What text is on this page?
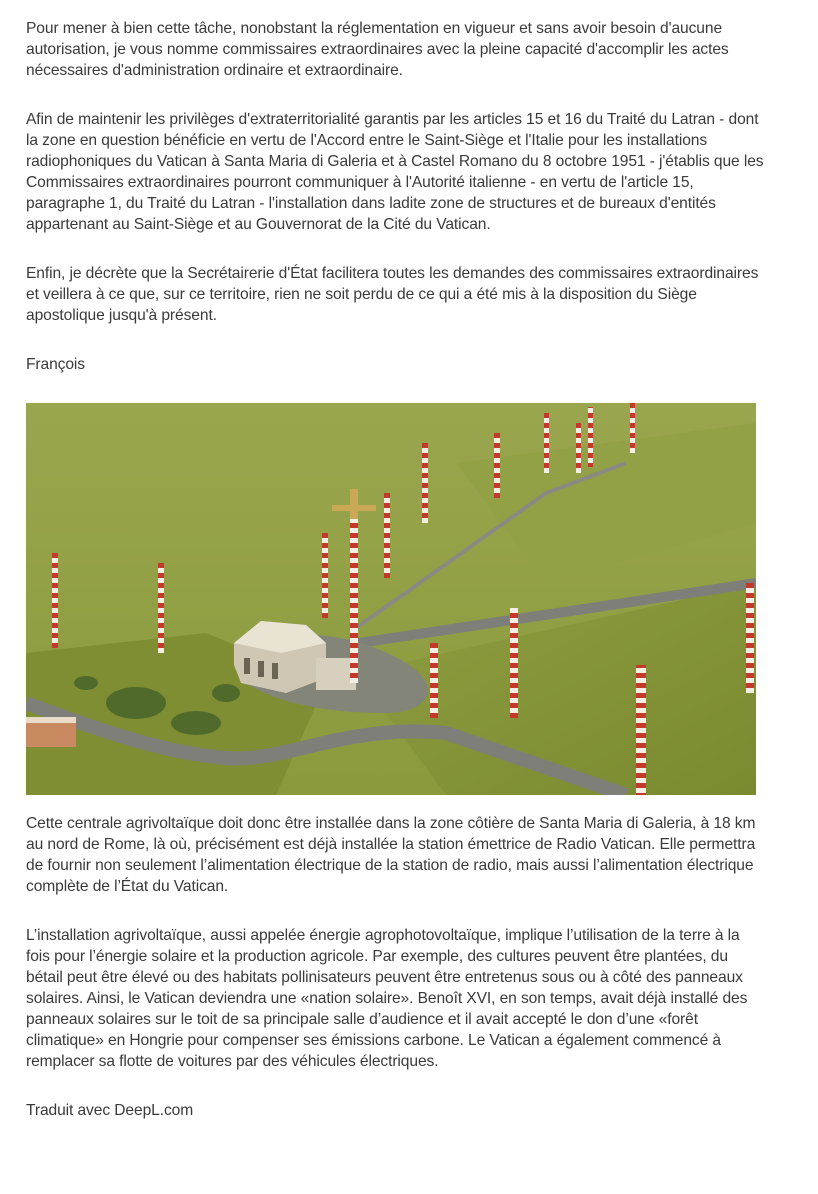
Pour mener à bien cette tâche, nonobstant la réglementation en vigueur et sans avoir besoin d'aucune autorisation, je vous nomme commissaires extraordinaires avec la pleine capacité d'accomplir les actes nécessaires d'administration ordinaire et extraordinaire.

Afin de maintenir les privilèges d'extraterritorialité garantis par les articles 15 et 16 du Traité du Latran - dont la zone en question bénéficie en vertu de l'Accord entre le Saint-Siège et l'Italie pour les installations radiophoniques du Vatican à Santa Maria di Galeria et à Castel Romano du 8 octobre 1951 - j'établis que les Commissaires extraordinaires pourront communiquer à l'Autorité italienne - en vertu de l'article 15, paragraphe 1, du Traité du Latran - l'installation dans ladite zone de structures et de bureaux d'entités appartenant au Saint-Siège et au Gouvernorat de la Cité du Vatican.

Enfin, je décrète que la Secrétairerie d'État facilitera toutes les demandes des commissaires extraordinaires et veillera à ce que, sur ce territoire, rien ne soit perdu de ce qui a été mis à la disposition du Siège apostolique jusqu'à présent.

François

Cette centrale agrivoltaïque doit donc être installée dans la zone côtière de Santa Maria di Galeria, à 18 km au nord de Rome, là où, précisément est déjà installée la station émettrice de Radio Vatican. Elle permettra de fournir non seulement l’alimentation électrique de la station de radio, mais aussi l’alimentation électrique complète de l’État du Vatican.

L’installation agrivoltaïque, aussi appelée énergie agrophotovoltaïque, implique l’utilisation de la terre à la fois pour l’énergie solaire et la production agricole. Par exemple, des cultures peuvent être plantées, du bétail peut être élevé ou des habitats pollinisateurs peuvent être entretenus sous ou à côté des panneaux solaires. Ainsi, le Vatican deviendra une «nation solaire». Benoît XVI, en son temps, avait déjà installé des panneaux solaires sur le toit de sa principale salle d’audience et il avait accepté le don d’une «forêt climatique» en Hongrie pour compenser ses émissions carbone. Le Vatican a également commencé à remplacer sa flotte de voitures par des véhicules électriques.

Traduit avec DeepL.com
